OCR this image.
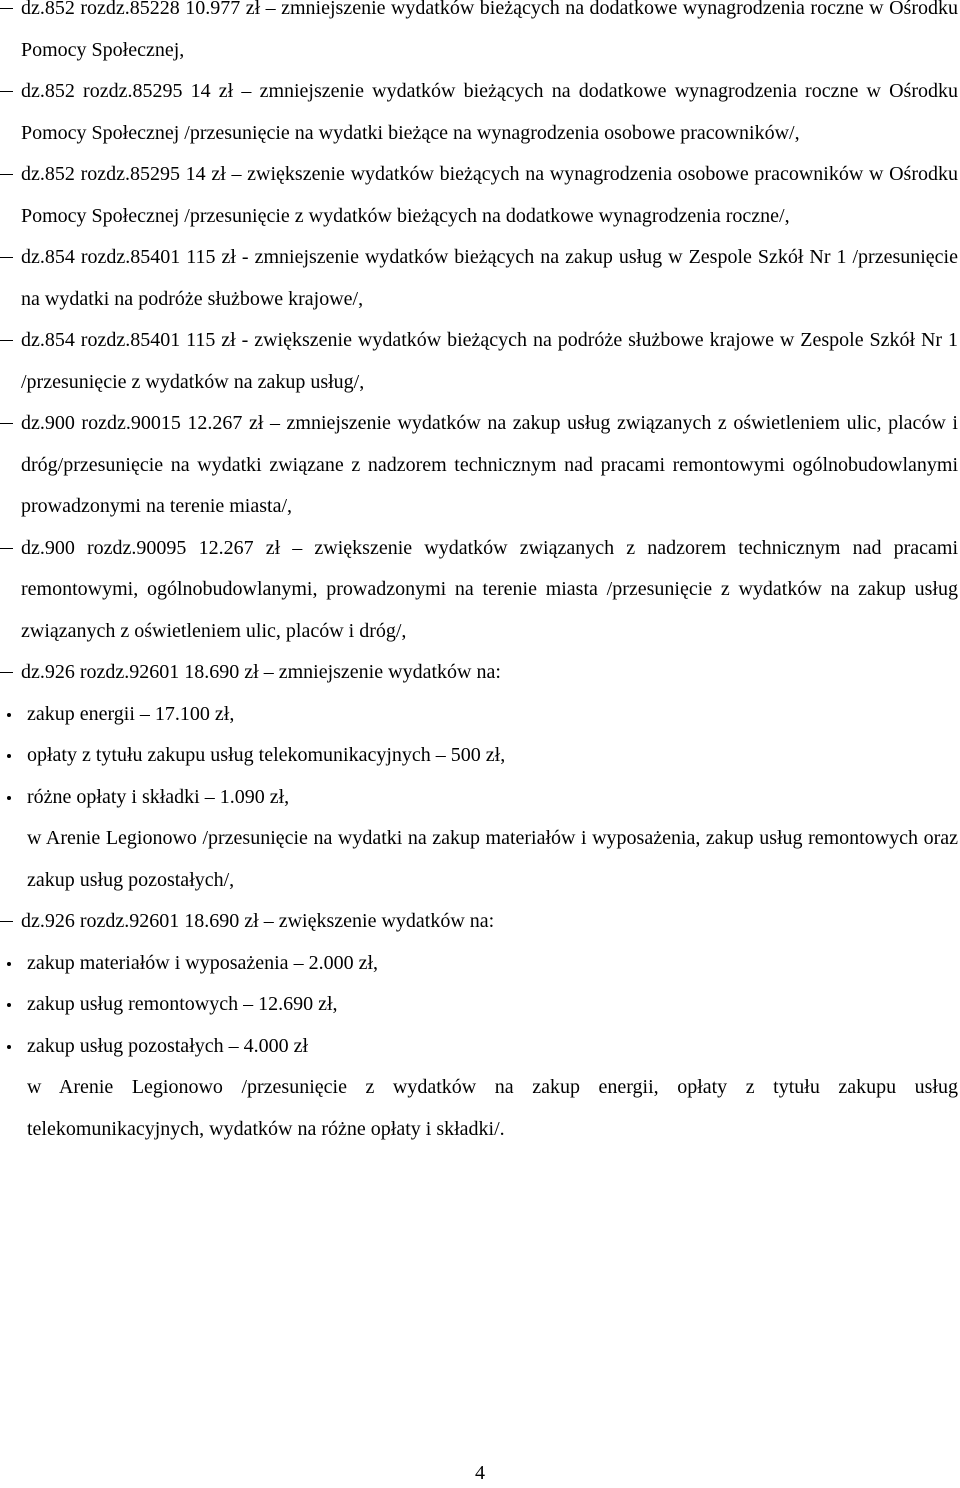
dz.852 rozdz.85228 10.977 zł – zmniejszenie wydatków bieżących na dodatkowe wynagrodzenia roczne w Ośrodku Pomocy Społecznej,
dz.852 rozdz.85295 14 zł – zmniejszenie wydatków bieżących na dodatkowe wynagrodzenia roczne w Ośrodku Pomocy Społecznej /przesunięcie na wydatki bieżące na wynagrodzenia osobowe pracowników/,
dz.852 rozdz.85295 14 zł – zwiększenie wydatków bieżących na wynagrodzenia osobowe pracowników w Ośrodku Pomocy Społecznej /przesunięcie z wydatków bieżących na dodatkowe wynagrodzenia roczne/,
dz.854 rozdz.85401 115 zł - zmniejszenie wydatków bieżących na zakup usług w Zespole Szkół Nr 1 /przesunięcie na wydatki na podróże służbowe krajowe/,
dz.854 rozdz.85401 115 zł - zwiększenie wydatków bieżących na podróże służbowe krajowe w Zespole Szkół Nr 1 /przesunięcie z wydatków na zakup usług/,
dz.900 rozdz.90015 12.267 zł – zmniejszenie wydatków na zakup usług związanych z oświetleniem ulic, placów i dróg/przesunięcie na wydatki związane z nadzorem technicznym nad pracami remontowymi ogólnobudowlanymi prowadzonymi na terenie miasta/,
dz.900 rozdz.90095 12.267 zł – zwiększenie wydatków związanych z nadzorem technicznym nad pracami remontowymi, ogólnobudowlanymi, prowadzonymi na terenie miasta /przesunięcie z wydatków na zakup usług związanych z oświetleniem ulic, placów i dróg/,
dz.926 rozdz.92601 18.690 zł – zmniejszenie wydatków na:
zakup energii – 17.100 zł,
opłaty z tytułu zakupu usług telekomunikacyjnych – 500 zł,
różne opłaty i składki – 1.090 zł,
w Arenie Legionowo /przesunięcie na wydatki na zakup materiałów i wyposażenia, zakup usług remontowych oraz zakup usług pozostałych/,
dz.926 rozdz.92601 18.690 zł – zwiększenie wydatków na:
zakup materiałów i wyposażenia – 2.000 zł,
zakup usług remontowych – 12.690 zł,
zakup usług pozostałych – 4.000 zł
w Arenie Legionowo /przesunięcie z wydatków na zakup energii, opłaty z tytułu zakupu usług telekomunikacyjnych, wydatków na różne opłaty i składki/.
4
